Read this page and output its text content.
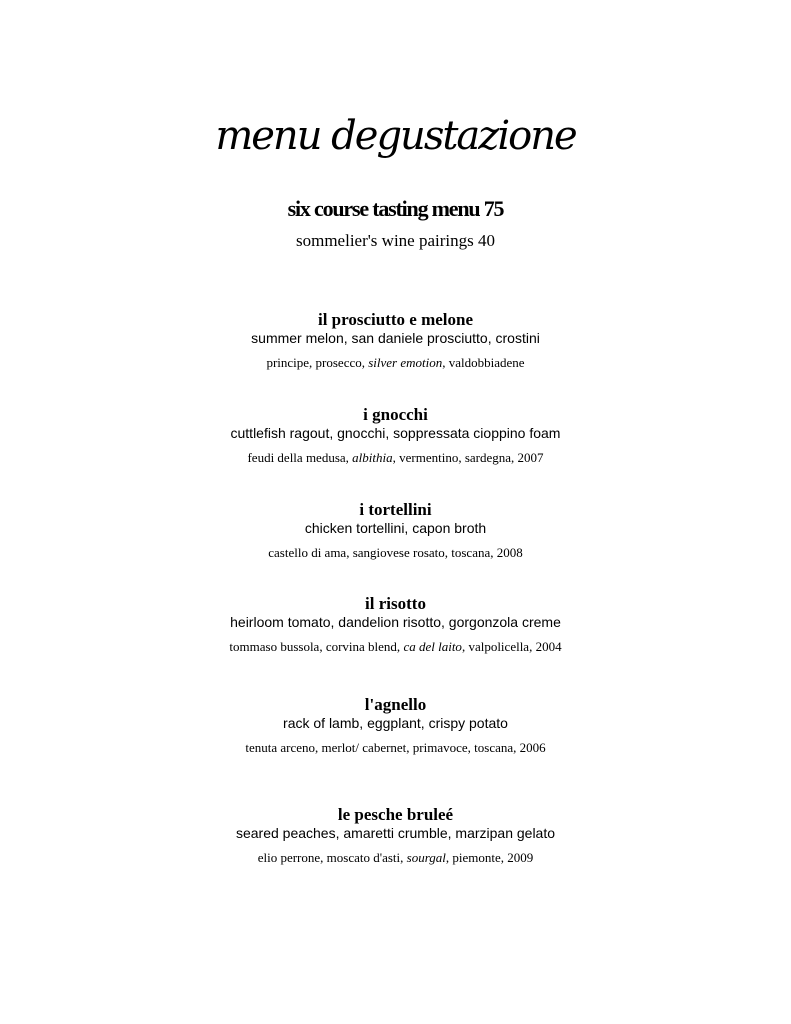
menu degustazione
six course tasting menu 75
sommelier's wine pairings 40
il prosciutto e melone
summer melon, san daniele prosciutto, crostini
principe, prosecco, silver emotion, valdobbiadene
i gnocchi
cuttlefish ragout, gnocchi, soppressata cioppino foam
feudi della medusa, albithia, vermentino, sardegna, 2007
i tortellini
chicken tortellini, capon broth
castello di ama, sangiovese rosato, toscana, 2008
il risotto
heirloom tomato, dandelion risotto, gorgonzola creme
tommaso bussola, corvina blend, ca del laito, valpolicella, 2004
l'agnello
rack of lamb, eggplant, crispy potato
tenuta arceno, merlot/ cabernet, primavoce, toscana, 2006
le pesche bruleé
seared peaches, amaretti crumble, marzipan gelato
elio perrone, moscato d'asti, sourgal, piemonte, 2009
